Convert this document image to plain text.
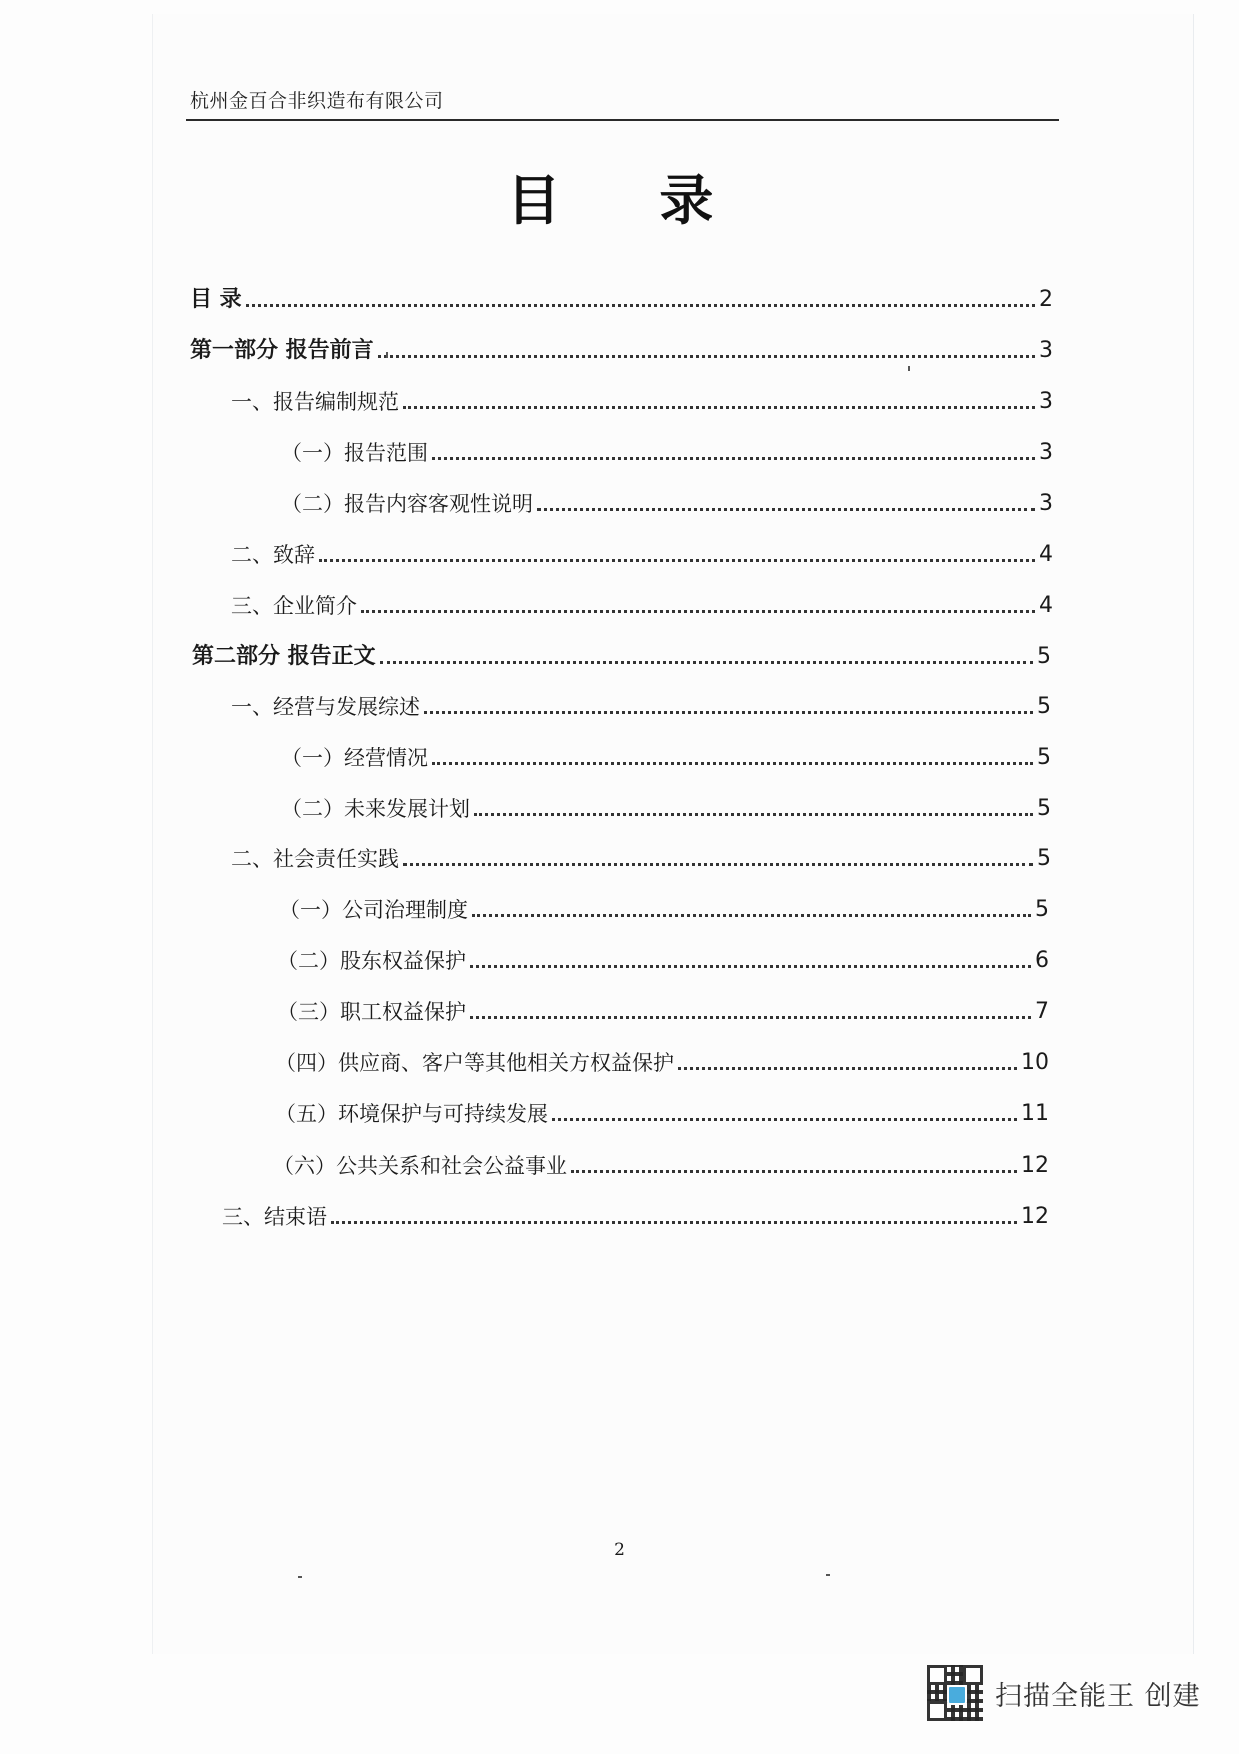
杭州金百合非织造布有限公司
目 录
目 录	2
第一部分 报告前言	3
一、报告编制规范	3
（一）报告范围	3
（二）报告内容客观性说明	3
二、致辞	4
三、企业简介	4
第二部分 报告正文	5
一、经营与发展综述	5
（一）经营情况	5
（二）未来发展计划	5
二、社会责任实践	5
（一）公司治理制度	5
（二）股东权益保护	6
（三）职工权益保护	7
（四）供应商、客户等其他相关方权益保护	10
（五）环境保护与可持续发展	11
（六）公共关系和社会公益事业	12
三、结束语	12
2
扫描全能王 创建
